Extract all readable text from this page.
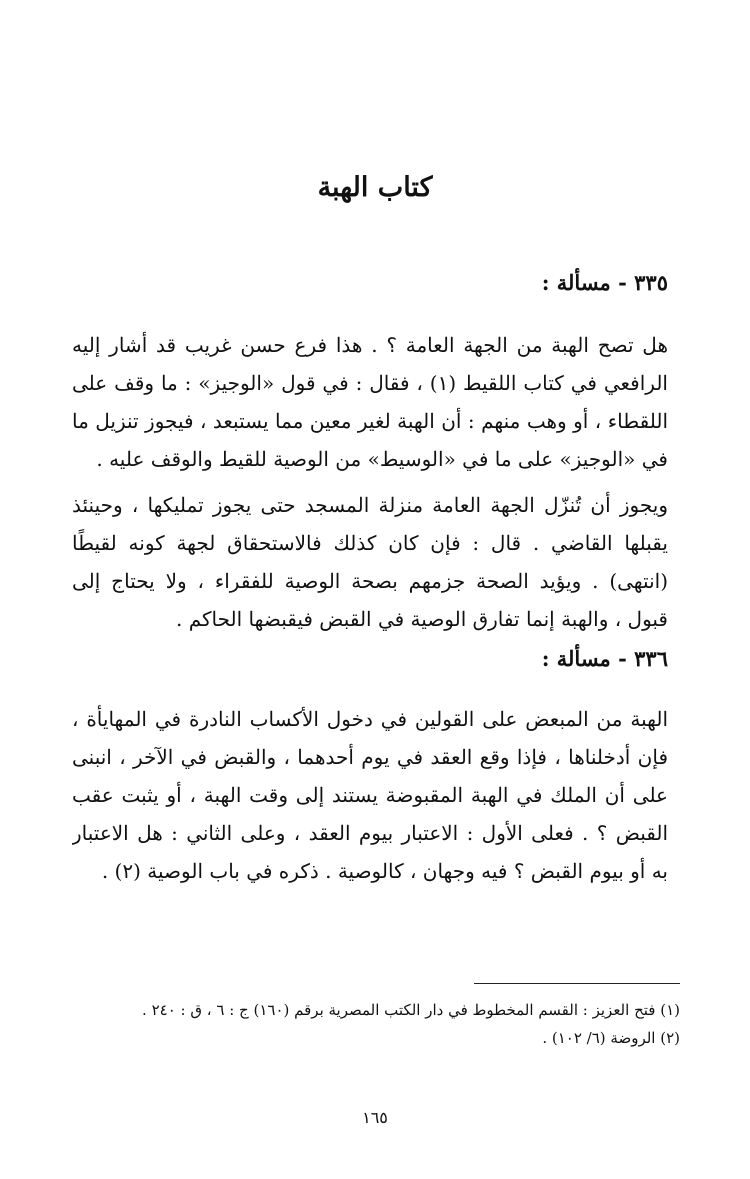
كتاب الهبة
٣٣٥ - مسألة :
هل تصح الهبة من الجهة العامة ؟ . هذا فرع حسن غريب قد أشار إليه
الرافعي في كتاب اللقيط (١) ، فقال : في قول «الوجيز» : ما وقف على
اللقطاء ، أو وهب منهم : أن الهبة لغير معين مما يستبعد ، فيجوز تنزيل ما
في «الوجيز» على ما في «الوسيط» من الوصية للقيط والوقف عليه .
ويجوز أن تُنزّل الجهة العامة منزلة المسجد حتى يجوز تمليكها ، وحينئذ
يقبلها القاضي . قال : فإن كان كذلك فالاستحقاق لجهة كونه لقيطًا
(انتهى) . ويؤيد الصحة جزمهم بصحة الوصية للفقراء ، ولا يحتاج إلى
قبول ، والهبة إنما تفارق الوصية في القبض فيقبضها الحاكم .
٣٣٦ - مسألة :
الهبة من المبعض على القولين في دخول الأكساب النادرة في المهايأة ،
فإن أدخلناها ، فإذا وقع العقد في يوم أحدهما ، والقبض في الآخر ، انبنى
على أن الملك في الهبة المقبوضة يستند إلى وقت الهبة ، أو يثبت عقب
القبض ؟ . فعلى الأول : الاعتبار بيوم العقد ، وعلى الثاني : هل الاعتبار
به أو بيوم القبض ؟ فيه وجهان ، كالوصية . ذكره في باب الوصية (٢) .
(١) فتح العزيز : القسم المخطوط في دار الكتب المصرية برقم (١٦٠) ج : ٦ ، ق : ٢٤٠ .
(٢) الروضة (٦/ ١٠٢) .
١٦٥
